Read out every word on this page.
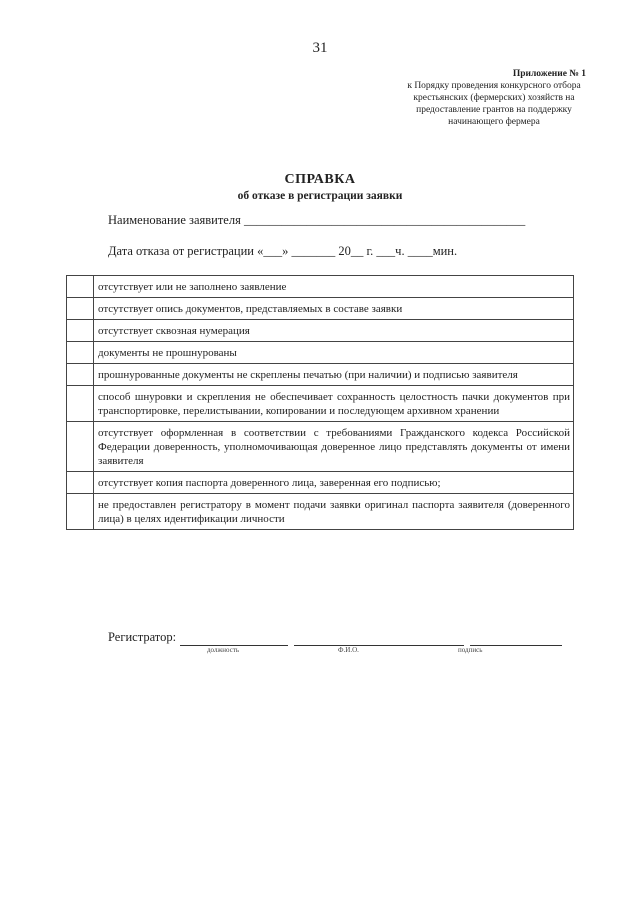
31
Приложение № 1
к Порядку проведения конкурсного отбора
крестьянских (фермерских) хозяйств на
предоставление грантов на поддержку
начинающего фермера
СПРАВКА
об отказе в регистрации заявки
Наименование заявителя _____________________________________________
Дата отказа от регистрации «___» _______ 20__ г. ___ч. ____мин.
	отсутствует или не заполнено заявление
	отсутствует опись документов, представляемых в составе заявки
	отсутствует сквозная нумерация
	документы не прошнурованы
	прошнурованные документы не скреплены печатью (при наличии) и подписью заявителя
	способ шнуровки и скрепления не обеспечивает сохранность целостность пачки документов при транспортировке, перелистывании, копировании и последующем архивном хранении
	отсутствует оформленная в соответствии с требованиями Гражданского кодекса Российской Федерации доверенность, уполномочивающая доверенное лицо представлять документы от имени заявителя
	отсутствует копия паспорта доверенного лица, заверенная его подписью;
	не предоставлен регистратору в момент подачи заявки оригинал паспорта заявителя (доверенного лица) в целях идентификации личности
Регистратор:
должность	Ф.И.О.	подпись
